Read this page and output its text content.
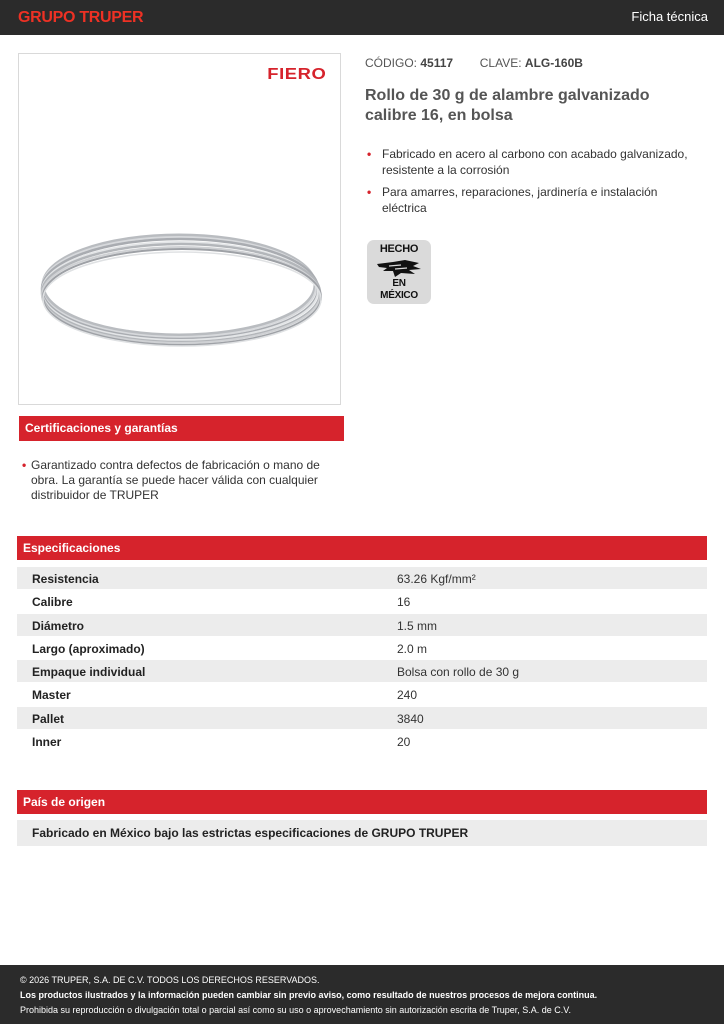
GRUPO TRUPER	Ficha técnica
FIERO
CÓDIGO: 45117 CLAVE: ALG-160B
Rollo de 30 g de alambre galvanizado calibre 16, en bolsa
• Fabricado en acero al carbono con acabado galvanizado, resistente a la corrosión
• Para amarres, reparaciones, jardinería e instalación eléctrica
HECHO
EN
MÉXICO
Certificaciones y garantías
• Garantizado contra defectos de fabricación o mano de obra. La garantía se puede hacer válida con cualquier distribuidor de TRUPER
Especificaciones
Resistencia	63.26 Kgf/mm²
Calibre	16
Diámetro	1.5 mm
Largo (aproximado)	2.0 m
Empaque individual	Bolsa con rollo de 30 g
Master	240
Pallet	3840
Inner	20
País de origen
Fabricado en México bajo las estrictas especificaciones de GRUPO TRUPER
© 2026 TRUPER, S.A. DE C.V. TODOS LOS DERECHOS RESERVADOS.
Los productos ilustrados y la información pueden cambiar sin previo aviso, como resultado de nuestros procesos de mejora continua.
Prohibida su reproducción o divulgación total o parcial así como su uso o aprovechamiento sin autorización escrita de Truper, S.A. de C.V.
